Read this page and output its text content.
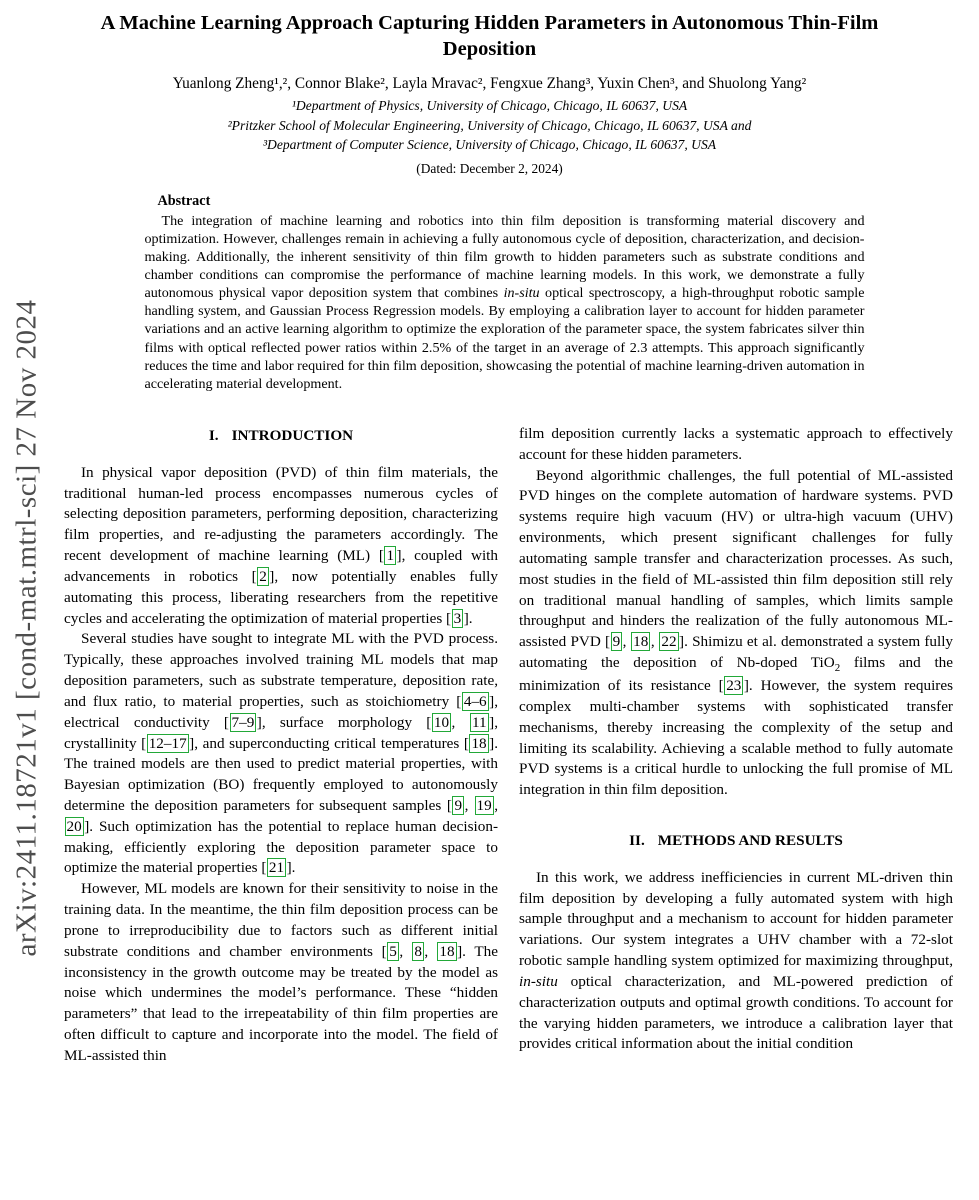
arXiv:2411.18721v1 [cond-mat.mtrl-sci] 27 Nov 2024
A Machine Learning Approach Capturing Hidden Parameters in Autonomous Thin-Film Deposition
Yuanlong Zheng¹,², Connor Blake², Layla Mravac², Fengxue Zhang³, Yuxin Chen³, and Shuolong Yang²
¹Department of Physics, University of Chicago, Chicago, IL 60637, USA
²Pritzker School of Molecular Engineering, University of Chicago, Chicago, IL 60637, USA and
³Department of Computer Science, University of Chicago, Chicago, IL 60637, USA
(Dated: December 2, 2024)
Abstract

The integration of machine learning and robotics into thin film deposition is transforming material discovery and optimization. However, challenges remain in achieving a fully autonomous cycle of deposition, characterization, and decision-making. Additionally, the inherent sensitivity of thin film growth to hidden parameters such as substrate conditions and chamber conditions can compromise the performance of machine learning models. In this work, we demonstrate a fully autonomous physical vapor deposition system that combines in-situ optical spectroscopy, a high-throughput robotic sample handling system, and Gaussian Process Regression models. By employing a calibration layer to account for hidden parameter variations and an active learning algorithm to optimize the exploration of the parameter space, the system fabricates silver thin films with optical reflected power ratios within 2.5% of the target in an average of 2.3 attempts. This approach significantly reduces the time and labor required for thin film deposition, showcasing the potential of machine learning-driven automation in accelerating material development.

I. INTRODUCTION

In physical vapor deposition (PVD) of thin film materials, the traditional human-led process encompasses numerous cycles of selecting deposition parameters, performing deposition, characterizing film properties, and re-adjusting the parameters accordingly. The recent development of machine learning (ML) [ 1 ], coupled with advancements in robotics [ 2 ], now potentially enables fully automating this process, liberating researchers from the repetitive cycles and accelerating the optimization of material properties [ 3 ].

Several studies have sought to integrate ML with the PVD process. Typically, these approaches involved training ML models that map deposition parameters, such as substrate temperature, deposition rate, and flux ratio, to material properties, such as stoichiometry [ 4–6 ], electrical conductivity [ 7–9 ], surface morphology [ 10 , 11 ], crystallinity [ 12–17 ], and superconducting critical temperatures [ 18 ]. The trained models are then used to predict material properties, with Bayesian optimization (BO) frequently employed to autonomously determine the deposition parameters for subsequent samples [ 9 , 19 , 20 ]. Such optimization has the potential to replace human decision-making, efficiently exploring the deposition parameter space to optimize the material properties [ 21 ].

However, ML models are known for their sensitivity to noise in the training data. In the meantime, the thin film deposition process can be prone to irreproducibility due to factors such as different initial substrate conditions and chamber environments [ 5 , 8 , 18 ]. The inconsistency in the growth outcome may be treated by the model as noise which undermines the model’s performance. These “hidden parameters” that lead to the irrepeatability of thin film properties are often difficult to capture and incorporate into the model. The field of ML-assisted thin

film deposition currently lacks a systematic approach to effectively account for these hidden parameters.

Beyond algorithmic challenges, the full potential of ML-assisted PVD hinges on the complete automation of hardware systems. PVD systems require high vacuum (HV) or ultra-high vacuum (UHV) environments, which present significant challenges for fully automating sample transfer and characterization processes. As such, most studies in the field of ML-assisted thin film deposition still rely on traditional manual handling of samples, which limits sample throughput and hinders the realization of the fully autonomous ML-assisted PVD [ 9 , 18 , 22 ]. Shimizu et al. demonstrated a system fully automating the deposition of Nb-doped TiO$_2$ films and the minimization of its resistance [ 23 ]. However, the system requires complex multi-chamber systems with sophisticated transfer mechanisms, thereby increasing the complexity of the setup and limiting its scalability. Achieving a scalable method to fully automate PVD systems is a critical hurdle to unlocking the full promise of ML integration in thin film deposition.

II. METHODS AND RESULTS

In this work, we address inefficiencies in current ML-driven thin film deposition by developing a fully automated system with high sample throughput and a mechanism to account for hidden parameter variations. Our system integrates a UHV chamber with a 72-slot robotic sample handling system optimized for maximizing throughput, in-situ optical characterization, and ML-powered prediction of characterization outputs and optimal growth conditions. To account for the varying hidden parameters, we introduce a calibration layer that provides critical information about the initial condition
